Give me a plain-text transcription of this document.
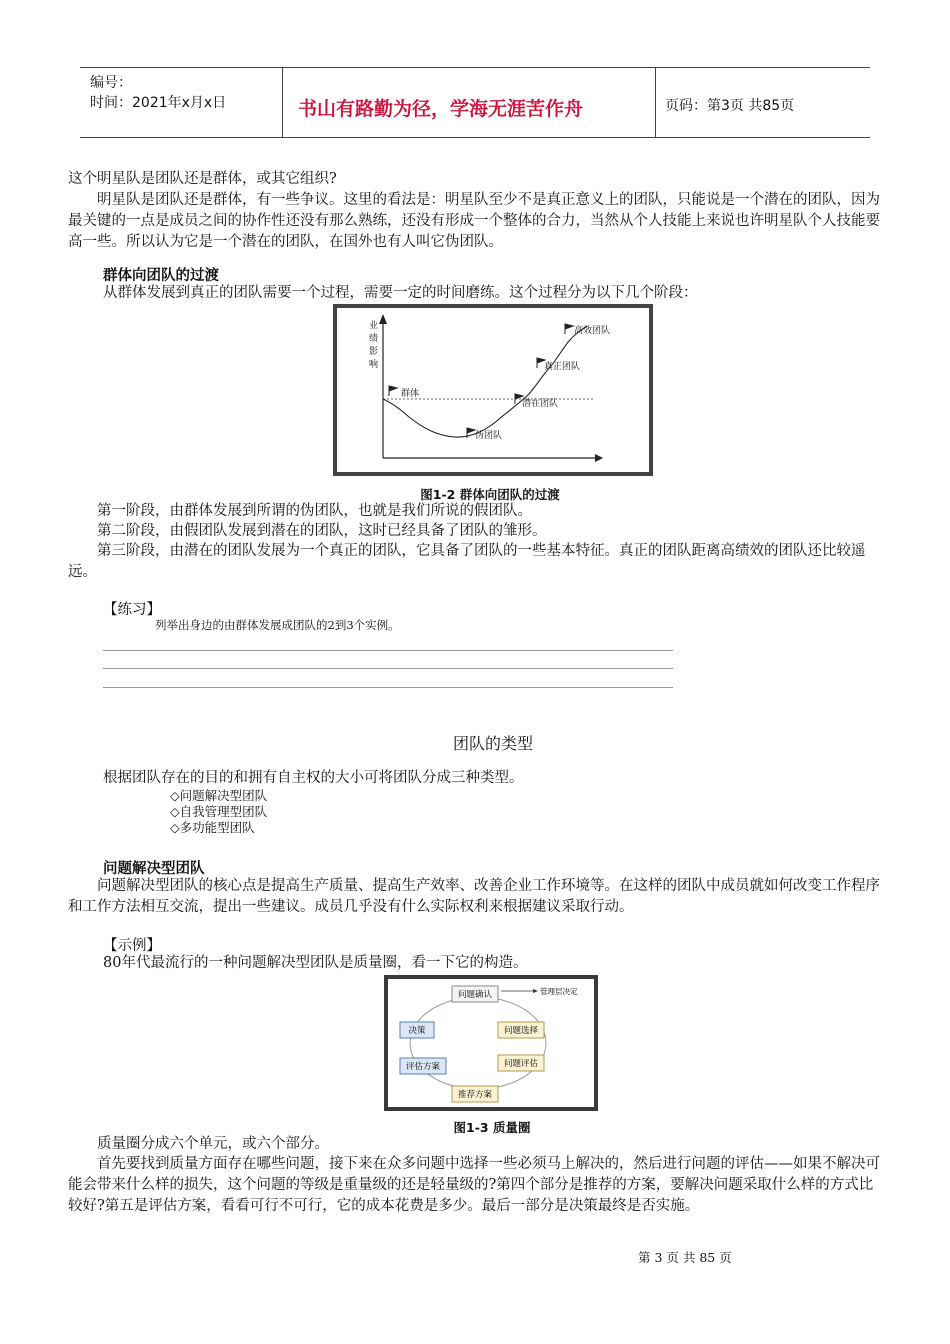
编号：
时间：2021年x月x日	书山有路勤为径，学海无涯苦作舟	页码：第3页 共85页
这个明星队是团队还是群体，或其它组织?
明星队是团队还是群体，有一些争议。这里的看法是：明星队至少不是真正意义上的团队，只能说是一个潜在的团队，因为最关键的一点是成员之间的协作性还没有那么熟练，还没有形成一个整体的合力，当然从个人技能上来说也许明星队个人技能要高一些。所以认为它是一个潜在的团队，在国外也有人叫它伪团队。
群体向团队的过渡
从群体发展到真正的团队需要一个过程，需要一定的时间磨练。这个过程分为以下几个阶段：
业
绩
影
响
群体
伪团队
潜在团队
真正团队
高效团队
图1-2 群体向团队的过渡
第一阶段，由群体发展到所谓的伪团队，也就是我们所说的假团队。
第二阶段，由假团队发展到潜在的团队，这时已经具备了团队的雏形。
第三阶段，由潜在的团队发展为一个真正的团队，它具备了团队的一些基本特征。真正的团队距离高绩效的团队还比较遥远。
【练习】
列举出身边的由群体发展成团队的2到3个实例。
团队的类型
根据团队存在的目的和拥有自主权的大小可将团队分成三种类型。
◇问题解决型团队
◇自我管理型团队
◇多功能型团队
问题解决型团队
问题解决型团队的核心点是提高生产质量、提高生产效率、改善企业工作环境等。在这样的团队中成员就如何改变工作程序和工作方法相互交流，提出一些建议。成员几乎没有什么实际权利来根据建议采取行动。
【示例】
80年代最流行的一种问题解决型团队是质量圈，看一下它的构造。
问题确认
问题选择
问题评估
推荐方案
评估方案
决策
管理层决定
图1-3 质量圈
质量圈分成六个单元，或六个部分。
首先要找到质量方面存在哪些问题，接下来在众多问题中选择一些必须马上解决的，然后进行问题的评估——如果不解决可能会带来什么样的损失，这个问题的等级是重量级的还是轻量级的?第四个部分是推荐的方案，要解决问题采取什么样的方式比较好?第五是评估方案，看看可行不可行，它的成本花费是多少。最后一部分是决策最终是否实施。
第 3 页 共 85 页
